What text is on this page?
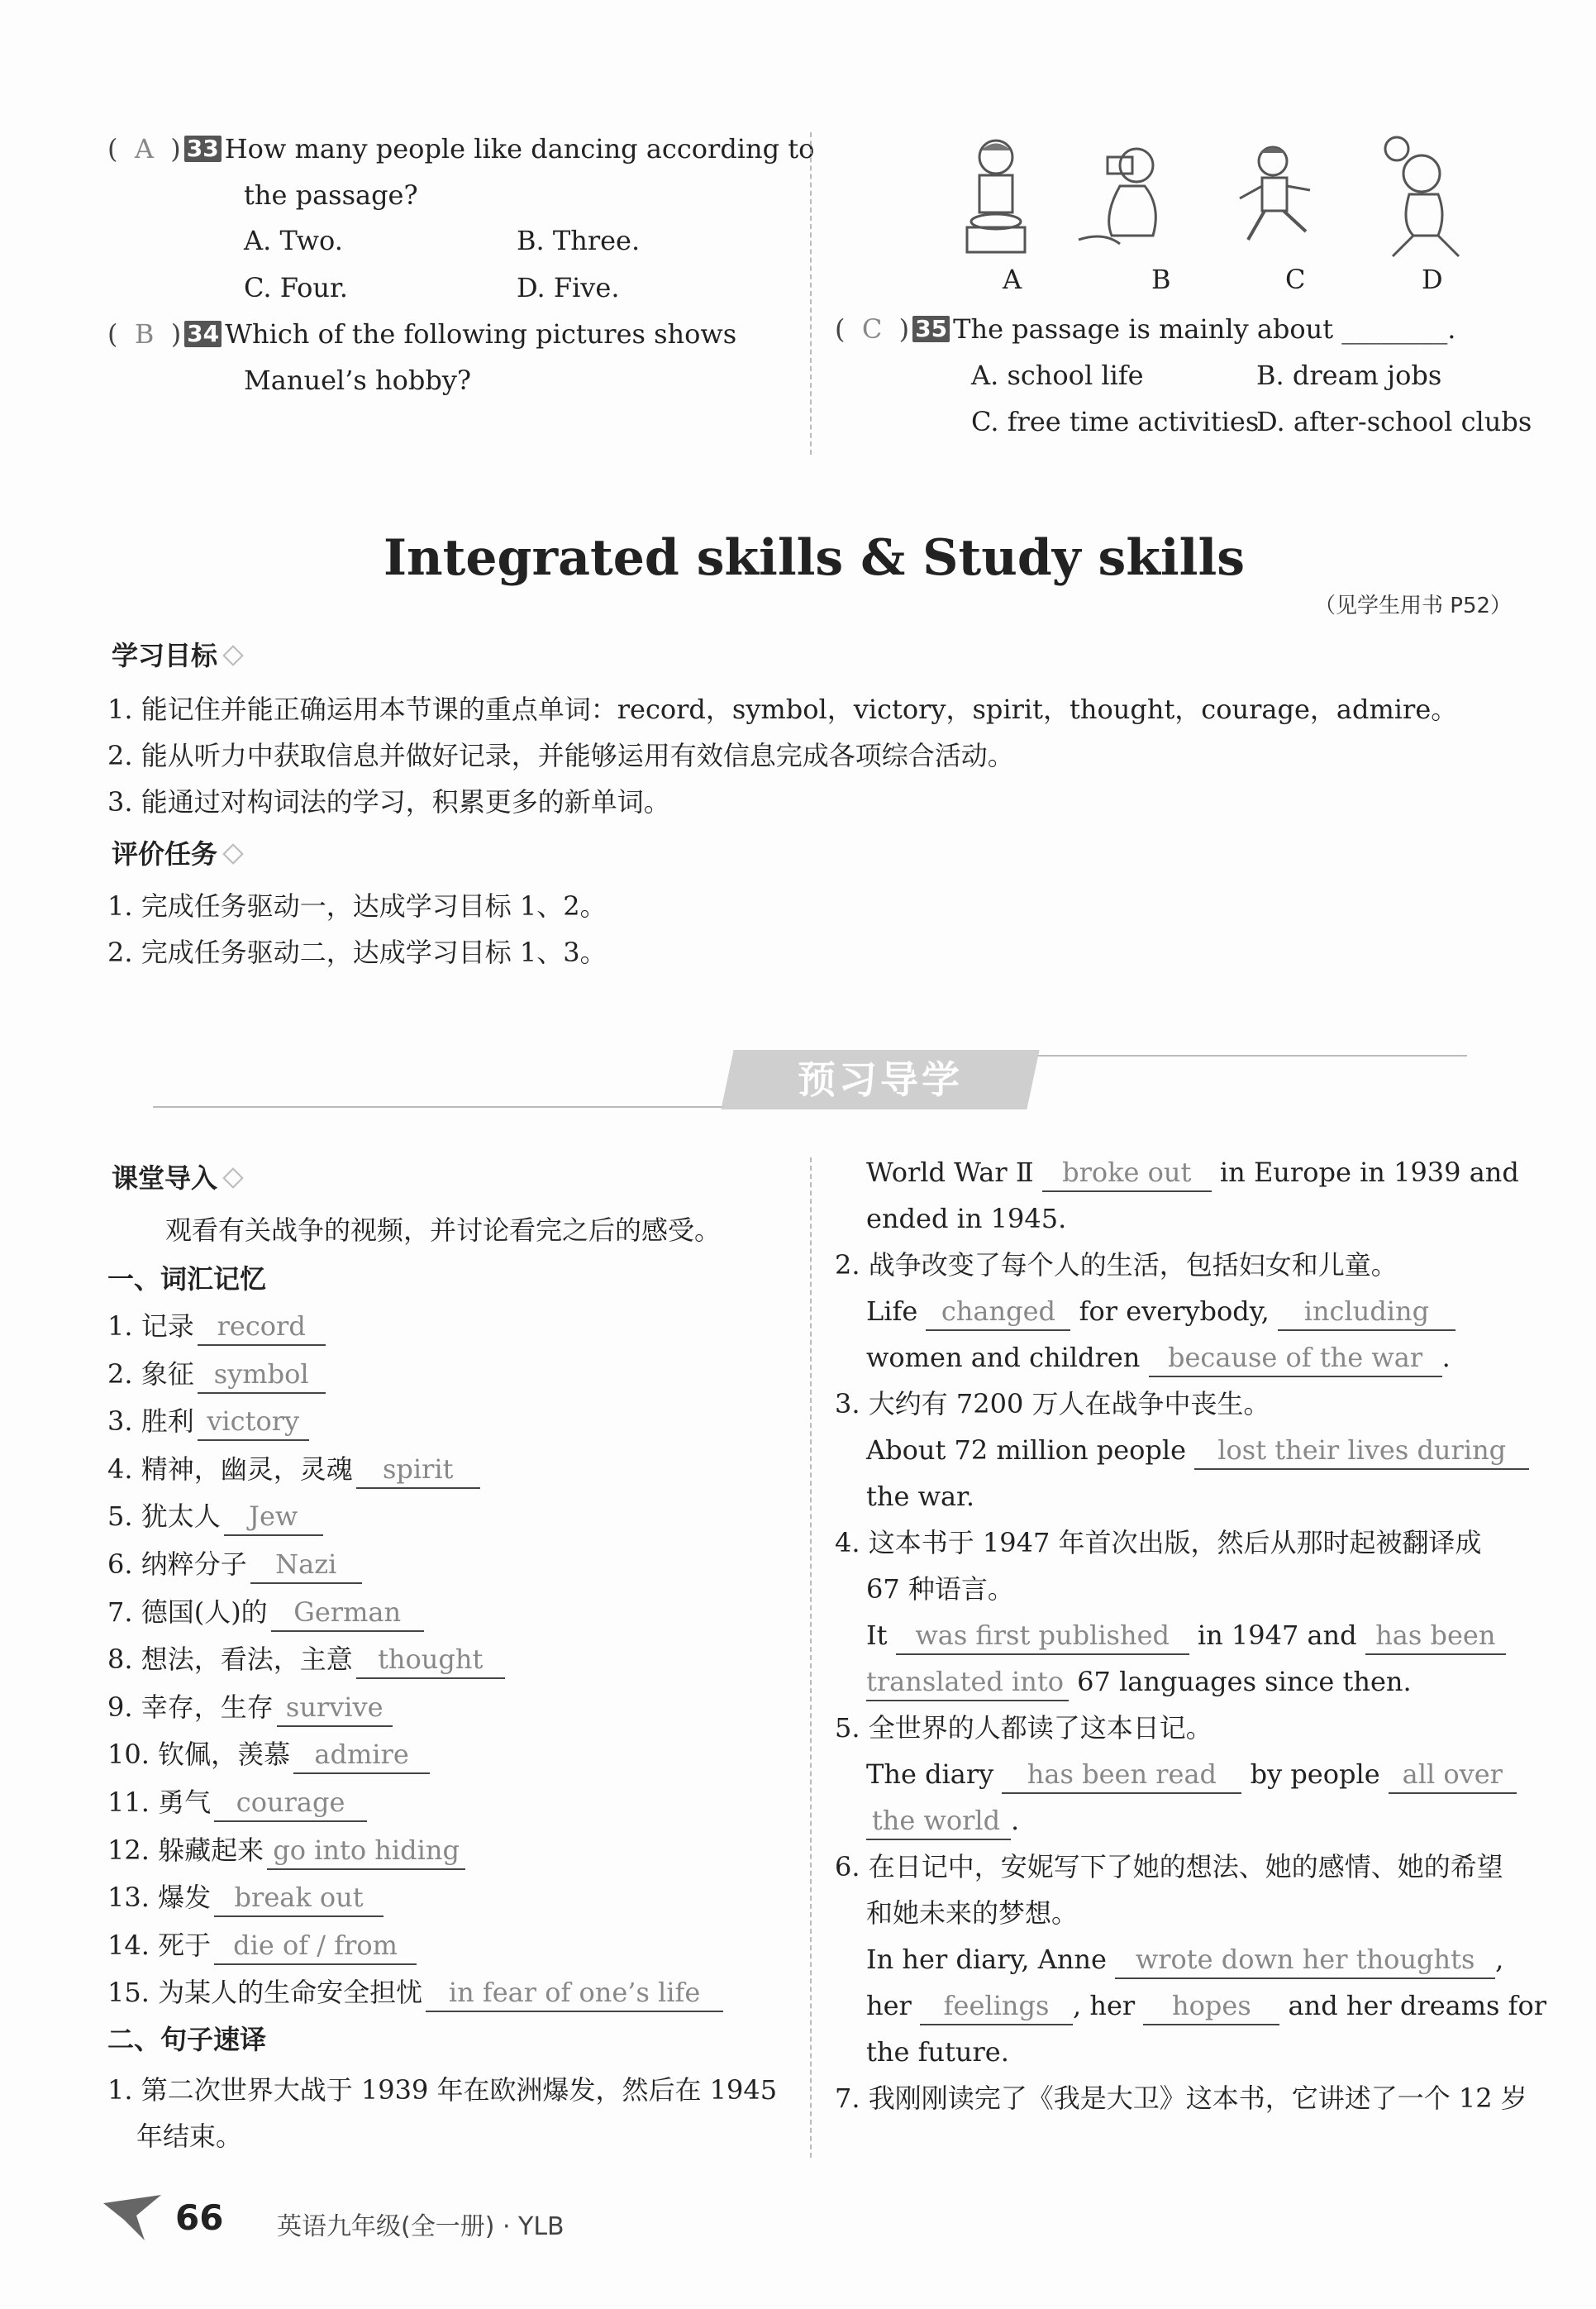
(  A  ) 33 How many people like dancing according to
the passage?
A. Two.	B. Three.
C. Four.	D. Five.
(  B  ) 34 Which of the following pictures shows
Manuel’s hobby?
A	B	C	D
(  C  ) 35 The passage is mainly about ________.
A. school life	B. dream jobs
C. free time activities
D. after-school clubs
Integrated skills & Study skills
（见学生用书 P52）
学习目标
1. 能记住并能正确运用本节课的重点单词：record，symbol，victory，spirit，thought，courage，admire。
2. 能从听力中获取信息并做好记录，并能够运用有效信息完成各项综合活动。
3. 能通过对构词法的学习，积累更多的新单词。
评价任务
1. 完成任务驱动一，达成学习目标 1、2。
2. 完成任务驱动二，达成学习目标 1、3。
预习导学
课堂导入
观看有关战争的视频，并讨论看完之后的感受。
一、词汇记忆
1. 记录 record
2. 象征 symbol
3. 胜利 victory
4. 精神，幽灵，灵魂 spirit
5. 犹太人 Jew
6. 纳粹分子 Nazi
7. 德国(人)的 German
8. 想法，看法，主意 thought
9. 幸存，生存 survive
10. 钦佩，羡慕 admire
11. 勇气 courage
12. 躲藏起来 go into hiding
13. 爆发 break out
14. 死于 die of / from
15. 为某人的生命安全担忧 in fear of one’s life
二、句子速译
1. 第二次世界大战于 1939 年在欧洲爆发，然后在 1945
年结束。
World War Ⅱ broke out in Europe in 1939 and
ended in 1945.
2. 战争改变了每个人的生活，包括妇女和儿童。
Life changed for everybody, including
women and children because of the war .
3. 大约有 7200 万人在战争中丧生。
About 72 million people lost their lives during
the war.
4. 这本书于 1947 年首次出版，然后从那时起被翻译成
67 种语言。
It was first published in 1947 and has been
translated into 67 languages since then.
5. 全世界的人都读了这本日记。
The diary has been read by people all over
the world .
6. 在日记中，安妮写下了她的想法、她的感情、她的希望
和她未来的梦想。
In her diary, Anne wrote down her thoughts ,
her feelings , her hopes and her dreams for
the future.
7. 我刚刚读完了《我是大卫》这本书，它讲述了一个 12 岁
66 英语九年级(全一册) · YLB
